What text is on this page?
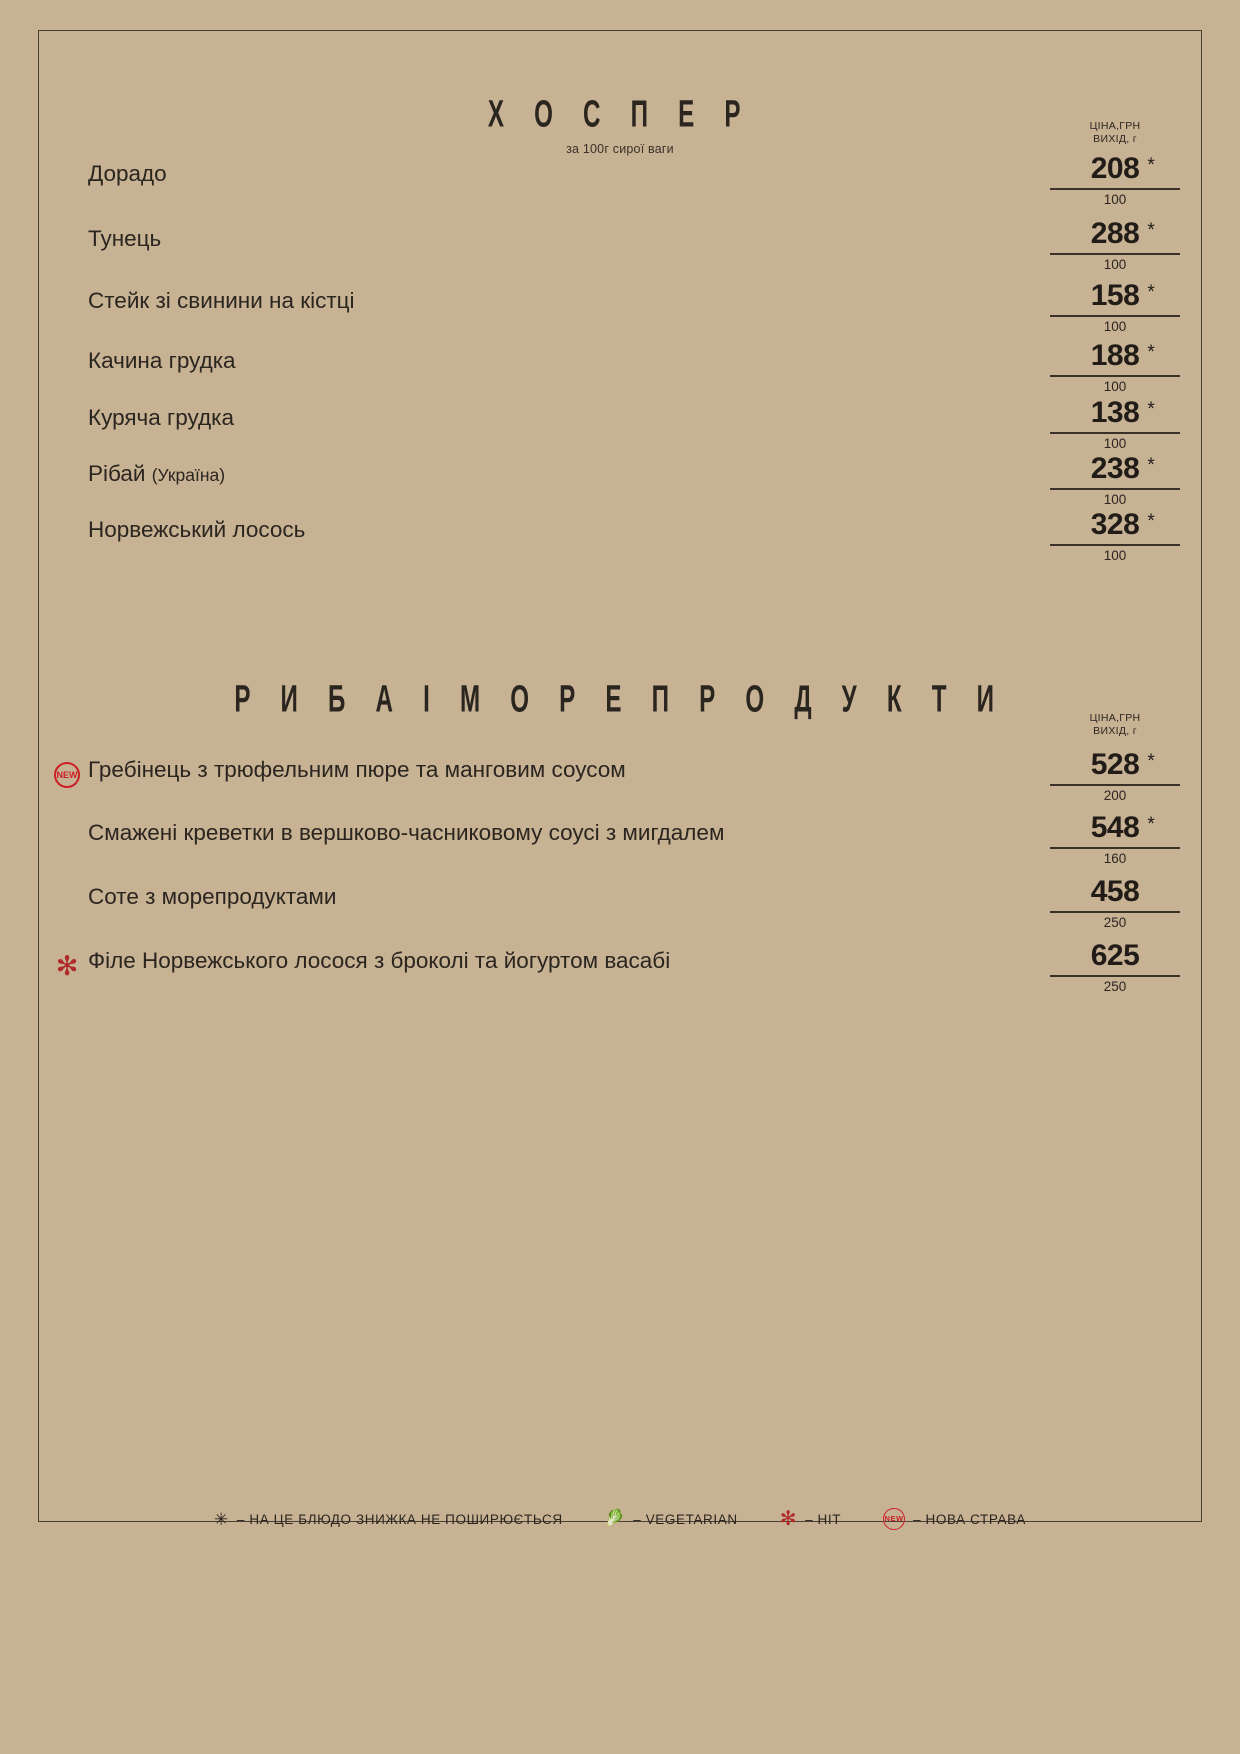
Х О С П Е Р
за 100г сирої ваги
ЦІНА,ГРН
ВИХІД, г
Дорадо	208 *
100
Тунець	288 *
100
Стейк зі свинини на кістці	158 *
100
Качина грудка	188 *
100
Куряча грудка	138 *
100
Рібай (Україна)	238 *
100
Норвежський лосось	328 *
100
Р И Б А І М О Р Е П Р О Д У К Т И	ЦІНА,ГРН
ВИХІД, г
NEW Гребінець з трюфельним пюре та манговим соусом	528 *
200
Смажені креветки в вершково-часниковому соусі з мигдалем	548 *
160
Соте з морепродуктами	458
250
✻ Філе Норвежського лосося з броколі та йогуртом васабі	625
250
✳ – НА ЦЕ БЛЮДО ЗНИЖКА НЕ ПОШИРЮЄТЬСЯ	🥬 – VEGETARIAN ✻ – HIT	NEW – НОВА СТРАВА
